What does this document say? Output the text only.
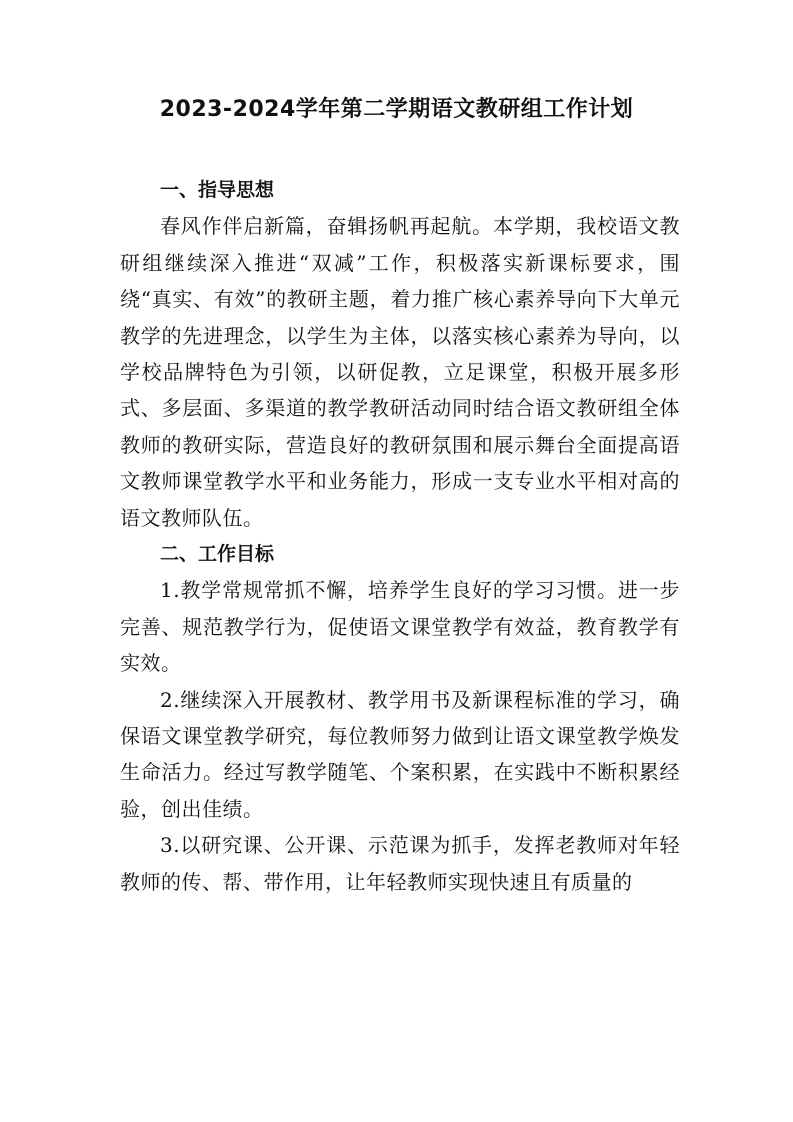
2023-2024学年第二学期语文教研组工作计划
一、指导思想

春风作伴启新篇，奋辑扬帆再起航。本学期，我校语文教研组继续深入推进“双减”工作，积极落实新课标要求，围绕“真实、有效”的教研主题，着力推广核心素养导向下大单元教学的先进理念，以学生为主体，以落实核心素养为导向，以学校品牌特色为引领，以研促教，立足课堂，积极开展多形式、多层面、多渠道的教学教研活动同时结合语文教研组全体教师的教研实际，营造良好的教研氛围和展示舞台全面提高语文教师课堂教学水平和业务能力，形成一支专业水平相对高的语文教师队伍。

二、工作目标

1.教学常规常抓不懈，培养学生良好的学习习惯。进一步完善、规范教学行为，促使语文课堂教学有效益，教育教学有实效。

2.继续深入开展教材、教学用书及新课程标准的学习，确保语文课堂教学研究，每位教师努力做到让语文课堂教学焕发生命活力。经过写教学随笔、个案积累，在实践中不断积累经验，创出佳绩。

3.以研究课、公开课、示范课为抓手，发挥老教师对年轻教师的传、帮、带作用，让年轻教师实现快速且有质量的
